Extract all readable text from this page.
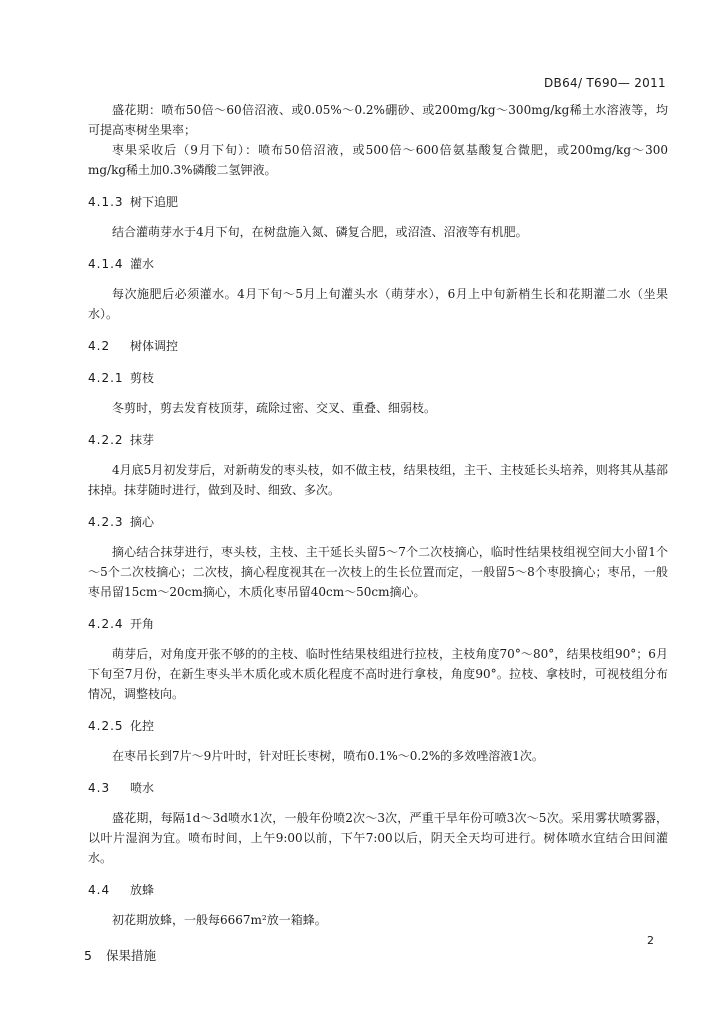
DB64/ T690— 2011

盛花期：喷布50倍～60倍沼液、或0.05%～0.2%硼砂、或200mg/kg～300mg/kg稀土水溶液等，均可提高枣树坐果率；

枣果采收后（9月下旬）：喷布50倍沼液，或500倍～600倍氨基酸复合微肥，或200mg/kg～300 mg/kg稀土加0.3%磷酸二氢钾液。

4.1.3 树下追肥

结合灌萌芽水于4月下旬，在树盘施入氮、磷复合肥，或沼渣、沼液等有机肥。

4.1.4 灌水

每次施肥后必须灌水。4月下旬～5月上旬灌头水（萌芽水），6月上中旬新梢生长和花期灌二水（坐果水）。

4.2 树体调控
4.2.1 剪枝

冬剪时，剪去发育枝顶芽，疏除过密、交叉、重叠、细弱枝。

4.2.2 抹芽

4月底5月初发芽后，对新萌发的枣头枝，如不做主枝，结果枝组，主干、主枝延长头培养，则将其从基部抹掉。抹芽随时进行，做到及时、细致、多次。

4.2.3 摘心

摘心结合抹芽进行，枣头枝，主枝、主干延长头留5～7个二次枝摘心，临时性结果枝组视空间大小留1个～5个二次枝摘心；二次枝，摘心程度视其在一次枝上的生长位置而定，一般留5～8个枣股摘心；枣吊，一般枣吊留15cm～20cm摘心，木质化枣吊留40cm～50cm摘心。

4.2.4 开角

萌芽后，对角度开张不够的的主枝、临时性结果枝组进行拉枝，主枝角度70°～80°，结果枝组90°；6月下旬至7月份，在新生枣头半木质化或木质化程度不高时进行拿枝，角度90°。拉枝、拿枝时，可视枝组分布情况，调整枝向。

4.2.5 化控

在枣吊长到7片～9片叶时，针对旺长枣树，喷布0.1%～0.2%的多效唑溶液1次。

4.3 喷水

盛花期，每隔1d～3d喷水1次，一般年份喷2次～3次，严重干旱年份可喷3次～5次。采用雾状喷雾器，以叶片湿润为宜。喷布时间，上午9:00以前，下午7:00以后，阴天全天均可进行。树体喷水宜结合田间灌水。

4.4 放蜂

初花期放蜂，一般每6667m²放一箱蜂。

5 保果措施
2
